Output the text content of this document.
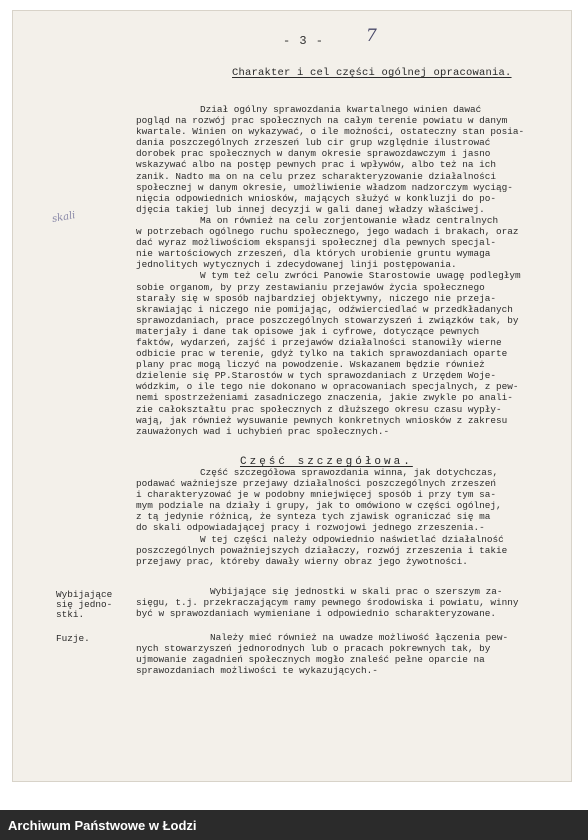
- 3 - 7
skali
Charakter i cel części ogólnej opracowania.
Dział ogólny sprawozdania kwartalnego winien dawać
pogląd na rozwój prac społecznych na całym terenie powiatu w danym
kwartale. Winien on wykazywać, o ile możności, ostateczny stan posia-
dania poszczególnych zrzeszeń lub cir grup względnie ilustrować
dorobek prac społecznych w danym okresie sprawozdawczym i jasno
wskazywać albo na postęp pewnych prac i wpływów, albo też na ich
zanik. Nadto ma on na celu przez scharakteryzowanie działalności
społecznej w danym okresie, umożliwienie władzom nadzorczym wyciąg-
nięcia odpowiednich wniosków, mających służyć w konkluzji do po-
djęcia takiej lub innej decyzji w gali danej władzy właściwej.
Ma on również na celu zorjentowanie władz centralnych
w potrzebach ogólnego ruchu społecznego, jego wadach i brakach, oraz
dać wyraz możliwościom ekspansji społecznej dla pewnych specjal-
nie wartościowych zrzeszeń, dla których urobienie gruntu wymaga
jednolitych wytycznych i zdecydowanej linji postępowania.
W tym też celu zwróci Panowie Starostowie uwagę podległym
sobie organom, by przy zestawianiu przejawów życia społecznego
starały się w sposób najbardziej objektywny, niczego nie przeja-
skrawiając i niczego nie pomijając, odźwierciedlać w przedkładanych
sprawozdaniach, prace poszczególnych stowarzyszeń i związków tak, by
materjały i dane tak opisowe jak i cyfrowe, dotyczące pewnych
faktów, wydarzeń, zajść i przejawów działalności stanowiły wierne
odbicie prac w terenie, gdyż tylko na takich sprawozdaniach oparte
plany prac mogą liczyć na powodzenie. Wskazanem będzie również
dzielenie się PP.Starostów w tych sprawozdaniach z Urzędem Woje-
wódzkim, o ile tego nie dokonano w opracowaniach specjalnych, z pew-
nemi spostrzeżeniami zasadniczego znaczenia, jakie zwykle po anali-
zie całokształtu prac społecznych z dłuższego okresu czasu wypły-
wają, jak również wysuwanie pewnych konkretnych wniosków z zakresu
zauważonych wad i uchybień prac społecznych.-
Część szczegółowa.
Część szczegółowa sprawozdania winna, jak dotychczas,
podawać ważniejsze przejawy działalności poszczególnych zrzeszeń
i charakteryzować je w podobny mniejwięcej sposób i przy tym sa-
mym podziale na działy i grupy, jak to omówiono w części ogólnej,
z tą jedynie różnicą, że synteza tych zjawisk ograniczać się ma
do skali odpowiadającej pracy i rozwojowi jednego zrzeszenia.-
W tej części należy odpowiednio naświetlać działalność
poszczególnych poważniejszych działaczy, rozwój zrzeszenia i takie
przejawy prac, któreby dawały wierny obraz jego żywotności.
Wybijające
się jedno-
stki.
Wybijające się jednostki w skali prac o szerszym za-
sięgu, t.j. przekraczającym ramy pewnego środowiska i powiatu, winny
być w sprawozdaniach wymieniane i odpowiednio scharakteryzowane.
Fuzje.	Należy mieć również na uwadze możliwość łączenia pew-
nych stowarzyszeń jednorodnych lub o pracach pokrewnych tak, by
ujmowanie zagadnień społecznych mogło znaleść pełne oparcie na
sprawozdaniach możliwości te wykazujących.-
Archiwum Państwowe w Łodzi
